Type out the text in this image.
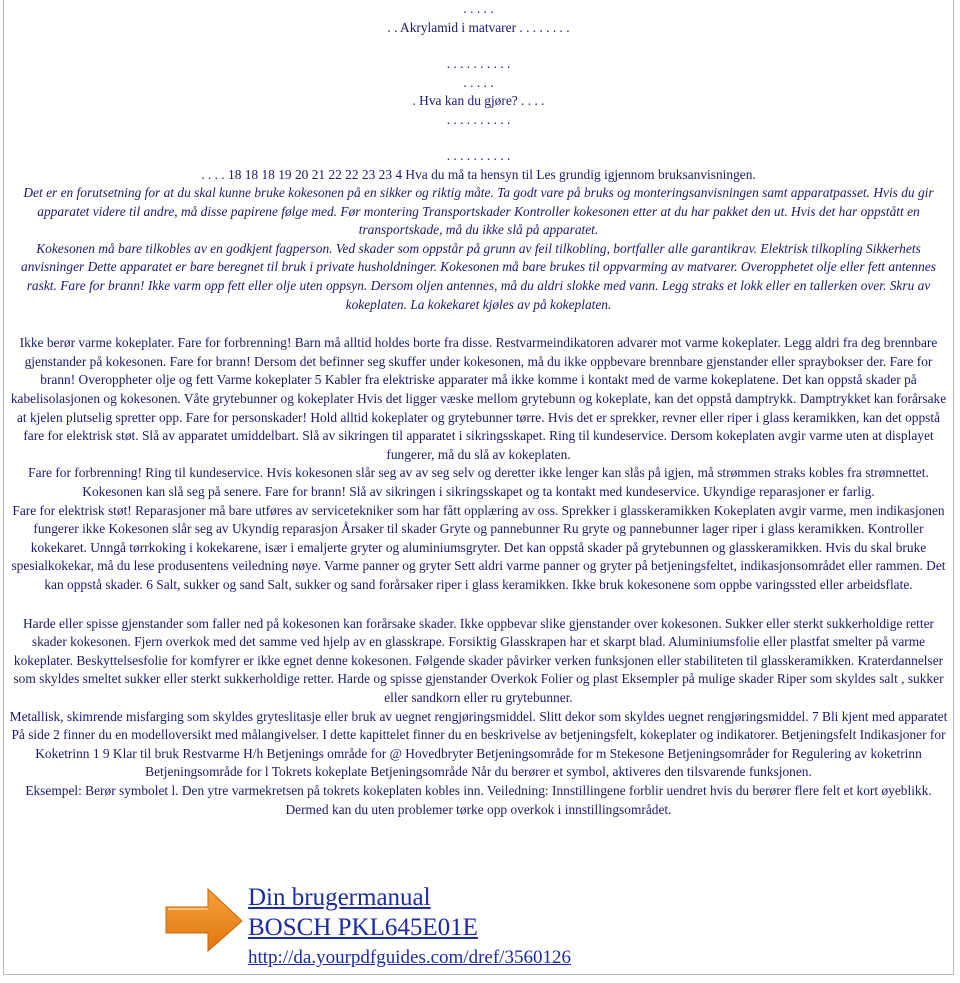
. . . . .

. . Akrylamid i matvarer . . . . . . . .

. . . . . . . . . .

. . . . .

. Hva kan du gjøre? . . . .

. . . . . . . . . .

. . . . . . . . . .

. . . . 18 18 18 19 20 21 22 22 23 23 4 Hva du må ta hensyn til Les grundig igjennom bruksanvisningen.

Det er en forutsetning for at du skal kunne bruke kokesonen på en sikker og riktig måte. Ta godt vare på bruks og monteringsanvisningen samt apparatpasset. Hvis du gir apparatet videre til andre, må disse papirene følge med. Før montering Transportskader Kontroller kokesonen etter at du har pakket den ut. Hvis det har oppstått en transportskade, må du ikke slå på apparatet.

Kokesonen må bare tilkobles av en godkjent fagperson. Ved skader som oppstår på grunn av feil tilkobling, bortfaller alle garantikrav. Elektrisk tilkopling Sikkerhets anvisninger Dette apparatet er bare beregnet til bruk i private husholdninger. Kokesonen må bare brukes til oppvarming av matvarer. Overopphetet olje eller fett antennes raskt. Fare for brann! Ikke varm opp fett eller olje uten oppsyn. Dersom oljen antennes, må du aldri slokke med vann. Legg straks et lokk eller en tallerken over. Skru av kokeplaten. La kokekaret kjøles av på kokeplaten.

Ikke berør varme kokeplater. Fare for forbrenning! Barn må alltid holdes borte fra disse. Restvarmeindikatoren advarer mot varme kokeplater. Legg aldri fra deg brennbare gjenstander på kokesonen. Fare for brann! Dersom det befinner seg skuffer under kokesonen, må du ikke oppbevare brennbare gjenstander eller spraybokser der. Fare for brann! Overoppheter olje og fett Varme kokeplater 5 Kabler fra elektriske apparater må ikke komme i kontakt med de varme kokeplatene. Det kan oppstå skader på kabelisolasjonen og kokesonen. Våte grytebunner og kokeplater Hvis det ligger væske mellom grytebunn og kokeplate, kan det oppstå damptrykk. Damptrykket kan forårsake at kjelen plutselig spretter opp. Fare for personskader! Hold alltid kokeplater og grytebunner tørre. Hvis det er sprekker, revner eller riper i glass keramikken, kan det oppstå fare for elektrisk støt. Slå av apparatet umiddelbart. Slå av sikringen til apparatet i sikringsskapet. Ring til kundeservice. Dersom kokeplaten avgir varme uten at displayet fungerer, må du slå av kokeplaten.

Fare for forbrenning! Ring til kundeservice. Hvis kokesonen slår seg av av seg selv og deretter ikke lenger kan slås på igjen, må strømmen straks kobles fra strømnettet. Kokesonen kan slå seg på senere. Fare for brann! Slå av sikringen i sikringsskapet og ta kontakt med kundeservice. Ukyndige reparasjoner er farlig.

Fare for elektrisk støt! Reparasjoner må bare utføres av servicetekniker som har fått opplæring av oss. Sprekker i glasskeramikken Kokeplaten avgir varme, men indikasjonen fungerer ikke Kokesonen slår seg av Ukyndig reparasjon Årsaker til skader Gryte og pannebunner Ru gryte og pannebunner lager riper i glass keramikken. Kontroller kokekaret. Unngå tørrkoking i kokekarene, især i emaljerte gryter og aluminiumsgryter. Det kan oppstå skader på grytebunnen og glasskeramikken. Hvis du skal bruke spesialkokekar, må du lese produsentens veiledning nøye. Varme panner og gryter Sett aldri varme panner og gryter på betjeningsfeltet, indikasjonsområdet eller rammen. Det kan oppstå skader. 6 Salt, sukker og sand Salt, sukker og sand forårsaker riper i glass keramikken. Ikke bruk kokesonene som oppbe varingssted eller arbeidsflate.

Harde eller spisse gjenstander som faller ned på kokesonen kan forårsake skader. Ikke oppbevar slike gjenstander over kokesonen. Sukker eller sterkt sukkerholdige retter skader kokesonen. Fjern overkok med det samme ved hjelp av en glasskrape. Forsiktig Glasskrapen har et skarpt blad. Aluminiumsfolie eller plastfat smelter på varme kokeplater. Beskyttelsesfolie for komfyrer er ikke egnet denne kokesonen. Følgende skader påvirker verken funksjonen eller stabiliteten til glasskeramikken. Kraterdannelser som skyldes smeltet sukker eller sterkt sukkerholdige retter. Harde og spisse gjenstander Overkok Folier og plast Eksempler på mulige skader Riper som skyldes salt , sukker eller sandkorn eller ru grytebunner.

Metallisk, skimrende misfarging som skyldes gryteslitasje eller bruk av uegnet rengjøringsmiddel. Slitt dekor som skyldes uegnet rengjøringsmiddel. 7 Bli kjent med apparatet På side 2 finner du en modelloversikt med målangivelser. I dette kapittelet finner du en beskrivelse av betjeningsfelt, kokeplater og indikatorer. Betjeningsfelt Indikasjoner for Koketrinn 1 9 Klar til bruk Restvarme H/h Betjenings område for @ Hovedbryter Betjeningsområde for m Stekesone Betjeningsområder for Regulering av koketrinn Betjeningsområde for l Tokrets kokeplate Betjeningsområde Når du berører et symbol, aktiveres den tilsvarende funksjonen.

Eksempel: Berør symbolet l. Den ytre varmekretsen på tokrets kokeplaten kobles inn. Veiledning: Innstillingene forblir uendret hvis du berører flere felt et kort øyeblikk. Dermed kan du uten problemer tørke opp overkok i innstillingsområdet.

Din brugermanual
BOSCH PKL645E01E
http://da.yourpdfguides.com/dref/3560126
